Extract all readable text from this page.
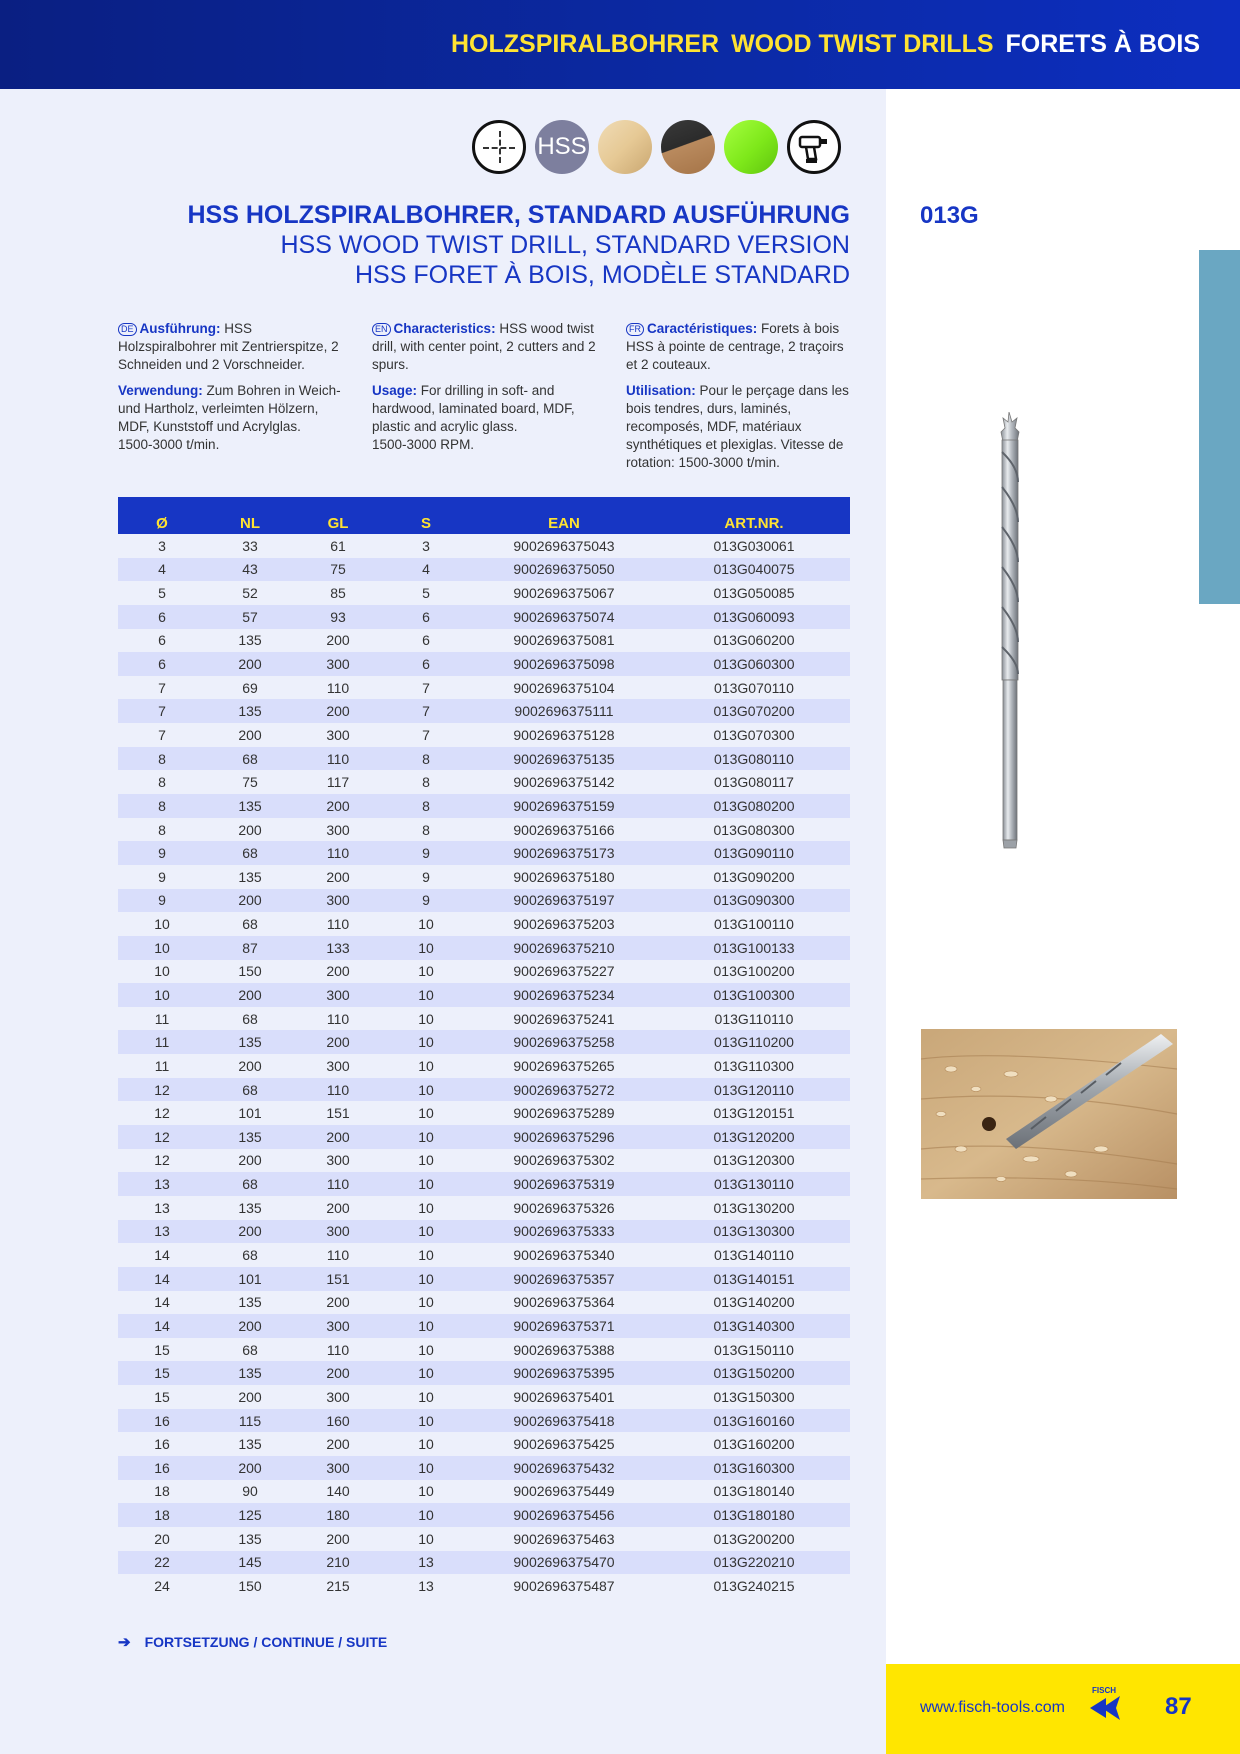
HOLZSPIRALBOHRER WOOD TWIST DRILLS FORETS À BOIS
HSS
HSS HOLZSPIRALBOHRER, STANDARD AUSFÜHRUNG
HSS WOOD TWIST DRILL, STANDARD VERSION
HSS FORET À BOIS, MODÈLE STANDARD
013G

DE Ausführung: HSS Holzspiralbohrer mit Zentrierspitze, 2 Schneiden und 2 Vorschneider.

Verwendung: Zum Bohren in Weich- und Hartholz, verleimten Hölzern, MDF, Kunststoff und Acrylglas.
1500-3000 t/min.

EN Characteristics: HSS wood twist drill, with center point, 2 cutters and 2 spurs.

Usage: For drilling in soft- and hardwood, laminated board, MDF, plastic and acrylic glass.
1500-3000 RPM.

FR Caractéristiques: Forets à bois HSS à pointe de centrage, 2 traçoirs et 2 couteaux.

Utilisation: Pour le perçage dans les bois tendres, durs, laminés, recomposés, MDF, matériaux synthétiques et plexiglas. Vitesse de rotation: 1500-3000 t/min.

Ø	NL	GL	S	EAN	ART.NR.
3	33	61	3	9002696375043	013G030061
4	43	75	4	9002696375050	013G040075
5	52	85	5	9002696375067	013G050085
6	57	93	6	9002696375074	013G060093
6	135	200	6	9002696375081	013G060200
6	200	300	6	9002696375098	013G060300
7	69	110	7	9002696375104	013G070110
7	135	200	7	9002696375111	013G070200
7	200	300	7	9002696375128	013G070300
8	68	110	8	9002696375135	013G080110
8	75	117	8	9002696375142	013G080117
8	135	200	8	9002696375159	013G080200
8	200	300	8	9002696375166	013G080300
9	68	110	9	9002696375173	013G090110
9	135	200	9	9002696375180	013G090200
9	200	300	9	9002696375197	013G090300
10	68	110	10	9002696375203	013G100110
10	87	133	10	9002696375210	013G100133
10	150	200	10	9002696375227	013G100200
10	200	300	10	9002696375234	013G100300
11	68	110	10	9002696375241	013G110110
11	135	200	10	9002696375258	013G110200
11	200	300	10	9002696375265	013G110300
12	68	110	10	9002696375272	013G120110
12	101	151	10	9002696375289	013G120151
12	135	200	10	9002696375296	013G120200
12	200	300	10	9002696375302	013G120300
13	68	110	10	9002696375319	013G130110
13	135	200	10	9002696375326	013G130200
13	200	300	10	9002696375333	013G130300
14	68	110	10	9002696375340	013G140110
14	101	151	10	9002696375357	013G140151
14	135	200	10	9002696375364	013G140200
14	200	300	10	9002696375371	013G140300
15	68	110	10	9002696375388	013G150110
15	135	200	10	9002696375395	013G150200
15	200	300	10	9002696375401	013G150300
16	115	160	10	9002696375418	013G160160
16	135	200	10	9002696375425	013G160200
16	200	300	10	9002696375432	013G160300
18	90	140	10	9002696375449	013G180140
18	125	180	10	9002696375456	013G180180
20	135	200	10	9002696375463	013G200200
22	145	210	13	9002696375470	013G220210
24	150	215	13	9002696375487	013G240215
➔ FORTSETZUNG / CONTINUE / SUITE
www.fisch-tools.com
FISCH
87
